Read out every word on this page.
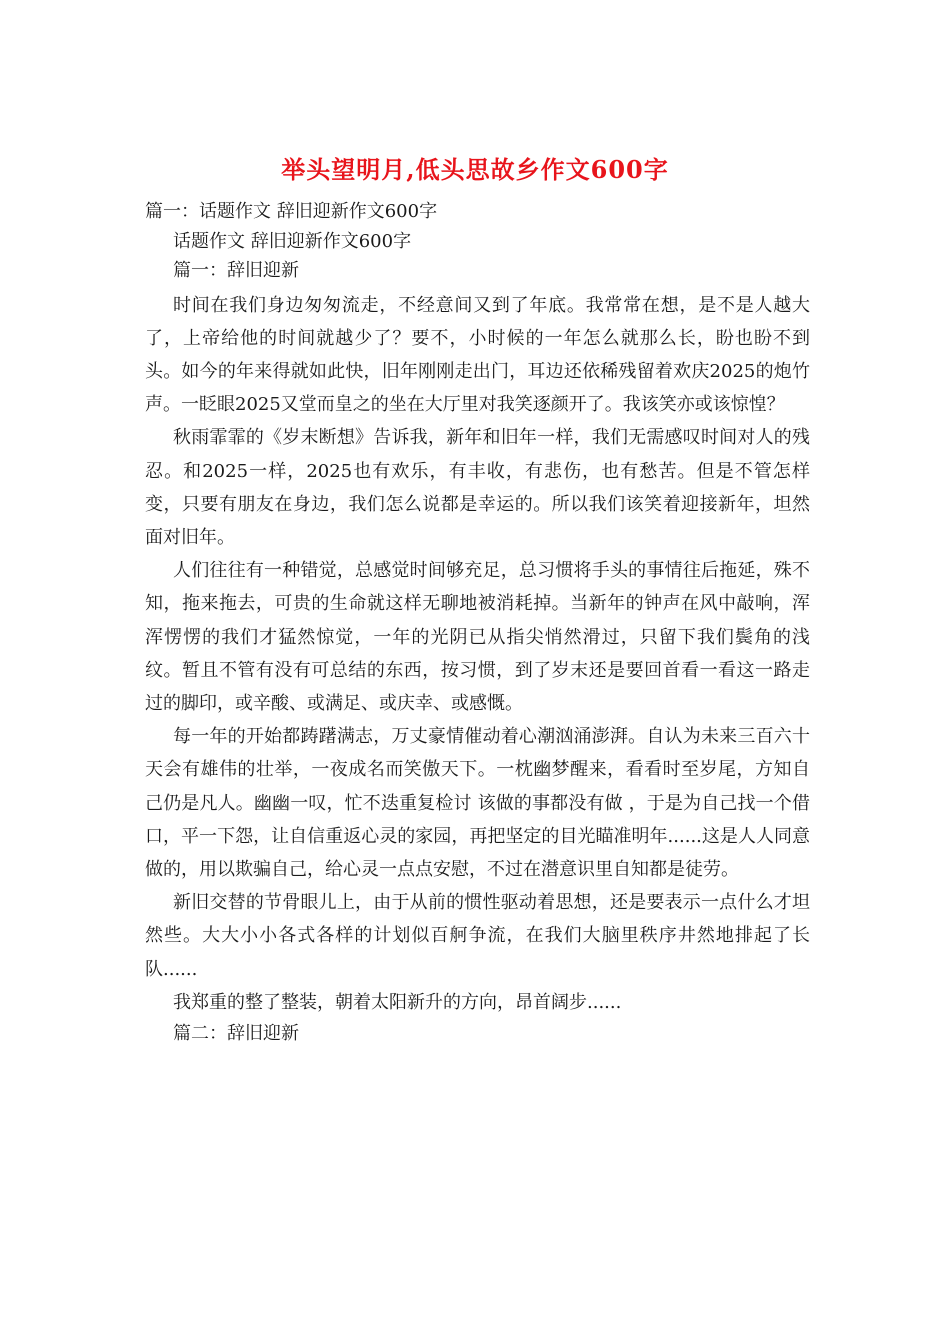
举头望明月,低头思故乡作文600字

篇一：话题作文 辞旧迎新作文600字

话题作文 辞旧迎新作文600字

篇一：辞旧迎新

时间在我们身边匆匆流走，不经意间又到了年底。我常常在想，是不是人越大了，上帝给他的时间就越少了？要不，小时候的一年怎么就那么长，盼也盼不到头。如今的年来得就如此快，旧年刚刚走出门，耳边还依稀残留着欢庆2025的炮竹声。一眨眼2025又堂而皇之的坐在大厅里对我笑逐颜开了。我该笑亦或该惊惶？

秋雨霏霏的《岁末断想》告诉我，新年和旧年一样，我们无需感叹时间对人的残忍。和2025一样，2025也有欢乐，有丰收，有悲伤，也有愁苦。但是不管怎样变，只要有朋友在身边，我们怎么说都是幸运的。所以我们该笑着迎接新年，坦然面对旧年。

人们往往有一种错觉，总感觉时间够充足，总习惯将手头的事情往后拖延，殊不知，拖来拖去，可贵的生命就这样无聊地被消耗掉。当新年的钟声在风中敲响，浑浑愣愣的我们才猛然惊觉，一年的光阴已从指尖悄然滑过，只留下我们鬓角的浅纹。暂且不管有没有可总结的东西，按习惯，到了岁末还是要回首看一看这一路走过的脚印，或辛酸、或满足、或庆幸、或感慨。

每一年的开始都踌躇满志，万丈豪情催动着心潮汹涌澎湃。自认为未来三百六十天会有雄伟的壮举，一夜成名而笑傲天下。一枕幽梦醒来，看看时至岁尾，方知自己仍是凡人。幽幽一叹，忙不迭重复检讨 该做的事都没有做 ，于是为自己找一个借口，平一下怨，让自信重返心灵的家园，再把坚定的目光瞄准明年......这是人人同意做的，用以欺骗自己，给心灵一点点安慰，不过在潜意识里自知都是徒劳。

新旧交替的节骨眼儿上，由于从前的惯性驱动着思想，还是要表示一点什么才坦然些。大大小小各式各样的计划似百舸争流，在我们大脑里秩序井然地排起了长队......

我郑重的整了整装，朝着太阳新升的方向，昂首阔步......

篇二：辞旧迎新
